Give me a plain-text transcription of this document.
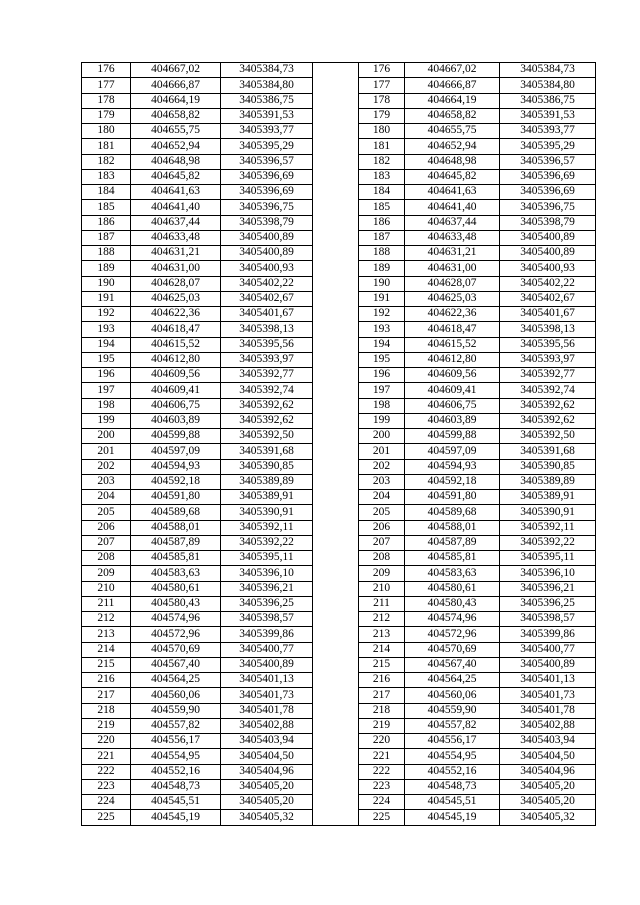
176	404667,02	3405384,73		176	404667,02	3405384,73
177	404666,87	3405384,80		177	404666,87	3405384,80
178	404664,19	3405386,75		178	404664,19	3405386,75
179	404658,82	3405391,53		179	404658,82	3405391,53
180	404655,75	3405393,77		180	404655,75	3405393,77
181	404652,94	3405395,29		181	404652,94	3405395,29
182	404648,98	3405396,57		182	404648,98	3405396,57
183	404645,82	3405396,69		183	404645,82	3405396,69
184	404641,63	3405396,69		184	404641,63	3405396,69
185	404641,40	3405396,75		185	404641,40	3405396,75
186	404637,44	3405398,79		186	404637,44	3405398,79
187	404633,48	3405400,89		187	404633,48	3405400,89
188	404631,21	3405400,89		188	404631,21	3405400,89
189	404631,00	3405400,93		189	404631,00	3405400,93
190	404628,07	3405402,22		190	404628,07	3405402,22
191	404625,03	3405402,67		191	404625,03	3405402,67
192	404622,36	3405401,67		192	404622,36	3405401,67
193	404618,47	3405398,13		193	404618,47	3405398,13
194	404615,52	3405395,56		194	404615,52	3405395,56
195	404612,80	3405393,97		195	404612,80	3405393,97
196	404609,56	3405392,77		196	404609,56	3405392,77
197	404609,41	3405392,74		197	404609,41	3405392,74
198	404606,75	3405392,62		198	404606,75	3405392,62
199	404603,89	3405392,62		199	404603,89	3405392,62
200	404599,88	3405392,50		200	404599,88	3405392,50
201	404597,09	3405391,68		201	404597,09	3405391,68
202	404594,93	3405390,85		202	404594,93	3405390,85
203	404592,18	3405389,89		203	404592,18	3405389,89
204	404591,80	3405389,91		204	404591,80	3405389,91
205	404589,68	3405390,91		205	404589,68	3405390,91
206	404588,01	3405392,11		206	404588,01	3405392,11
207	404587,89	3405392,22		207	404587,89	3405392,22
208	404585,81	3405395,11		208	404585,81	3405395,11
209	404583,63	3405396,10		209	404583,63	3405396,10
210	404580,61	3405396,21		210	404580,61	3405396,21
211	404580,43	3405396,25		211	404580,43	3405396,25
212	404574,96	3405398,57		212	404574,96	3405398,57
213	404572,96	3405399,86		213	404572,96	3405399,86
214	404570,69	3405400,77		214	404570,69	3405400,77
215	404567,40	3405400,89		215	404567,40	3405400,89
216	404564,25	3405401,13		216	404564,25	3405401,13
217	404560,06	3405401,73		217	404560,06	3405401,73
218	404559,90	3405401,78		218	404559,90	3405401,78
219	404557,82	3405402,88		219	404557,82	3405402,88
220	404556,17	3405403,94		220	404556,17	3405403,94
221	404554,95	3405404,50		221	404554,95	3405404,50
222	404552,16	3405404,96		222	404552,16	3405404,96
223	404548,73	3405405,20		223	404548,73	3405405,20
224	404545,51	3405405,20		224	404545,51	3405405,20
225	404545,19	3405405,32		225	404545,19	3405405,32
